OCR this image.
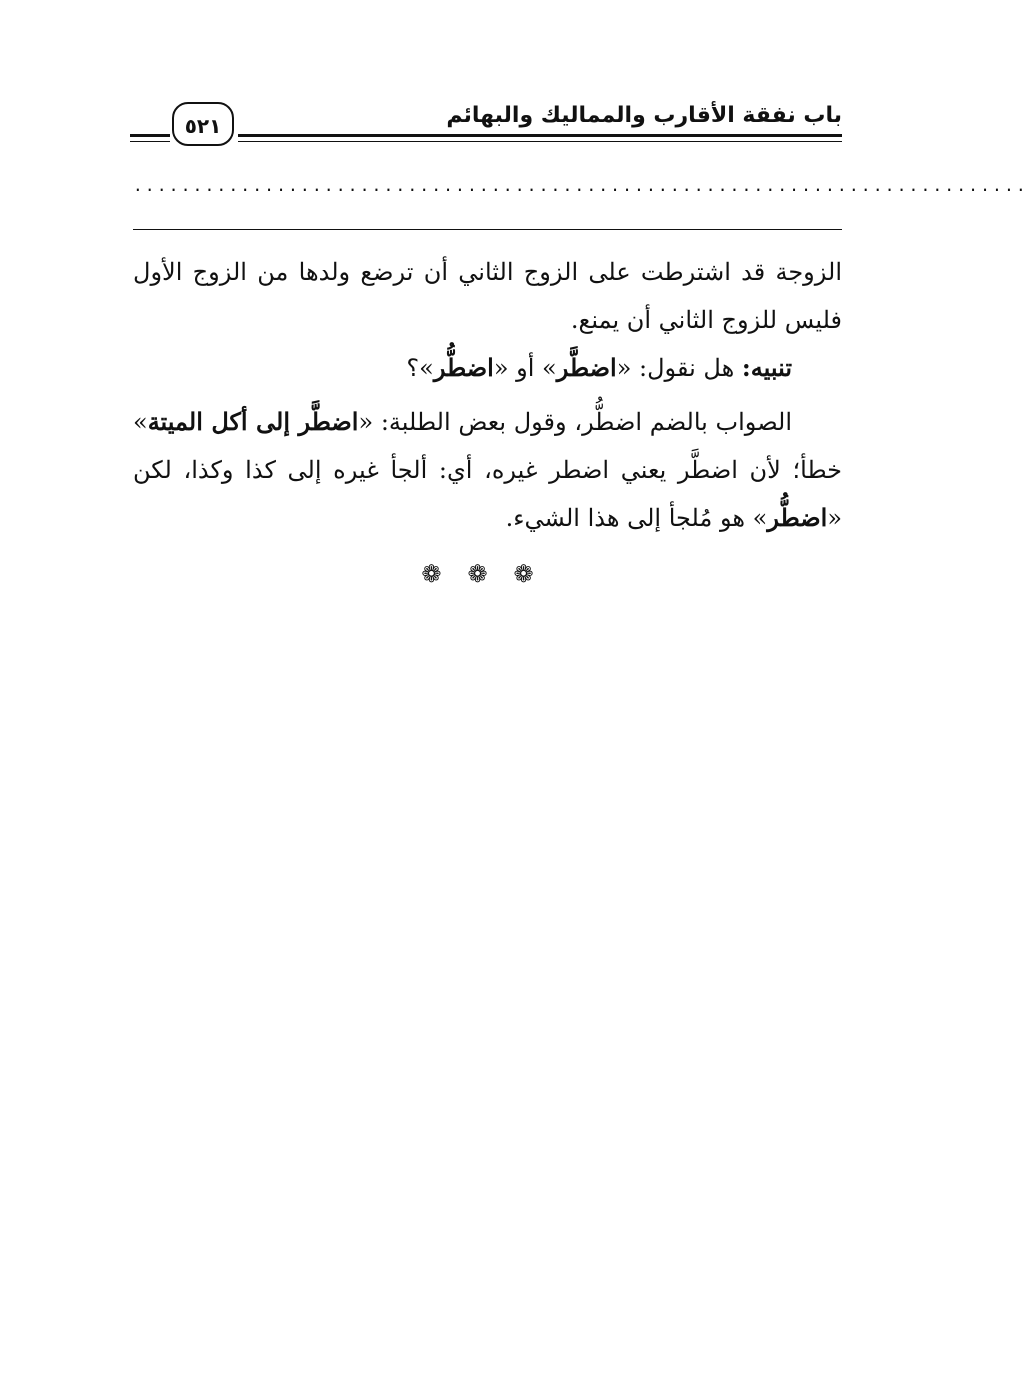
باب نفقة الأقارب والمماليك والبهائم
٥٢١
...........................................................................

الزوجة قد اشترطت على الزوج الثاني أن ترضع ولدها من الزوج الأول فليس للزوج الثاني أن يمنع.

تنبيه: هل نقول: «اضطَّر» أو «اضطُّر»؟

الصواب بالضم اضطُّر، وقول بعض الطلبة: «اضطَّر إلى أكل الميتة» خطأ؛ لأن اضطَّر يعني اضطر غيره، أي: ألجأ غيره إلى كذا وكذا، لكن «اضطُّر» هو مُلجأ إلى هذا الشيء.

❁❁❁
